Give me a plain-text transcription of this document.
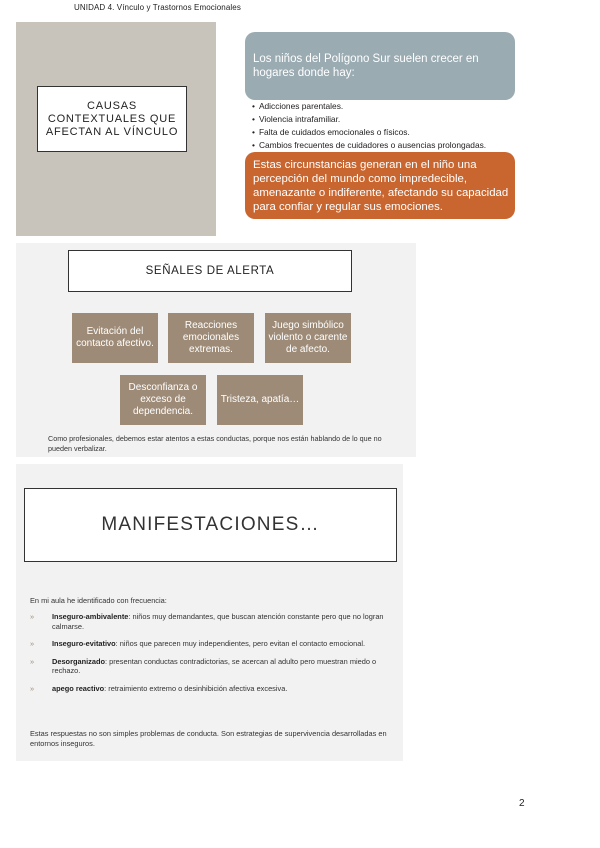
UNIDAD 4. Vínculo y Trastornos Emocionales
CAUSAS CONTEXTUALES QUE AFECTAN AL VÍNCULO
Los niños del Polígono Sur suelen crecer en hogares donde hay:
• Adicciones parentales.
• Violencia intrafamiliar.
• Falta de cuidados emocionales o físicos.
• Cambios frecuentes de cuidadores o ausencias prolongadas.
Estas circunstancias generan en el niño una percepción del mundo como impredecible, amenazante o indiferente, afectando su capacidad para confiar y regular sus emociones.
SEÑALES DE ALERTA
Evitación del contacto afectivo.
Reacciones emocionales extremas.
Juego simbólico violento o carente de afecto.
Desconfianza o exceso de dependencia.
Tristeza, apatía…
Como profesionales, debemos estar atentos a estas conductas, porque nos están hablando de lo que no pueden verbalizar.
MANIFESTACIONES…
En mi aula he identificado con frecuencia:
» Inseguro-ambivalente: niños muy demandantes, que buscan atención constante pero que no logran calmarse.
» Inseguro-evitativo: niños que parecen muy independientes, pero evitan el contacto emocional.
» Desorganizado: presentan conductas contradictorias, se acercan al adulto pero muestran miedo o rechazo.
» apego reactivo: retraimiento extremo o desinhibición afectiva excesiva.
Estas respuestas no son simples problemas de conducta. Son estrategias de supervivencia desarrolladas en entornos inseguros.
2
